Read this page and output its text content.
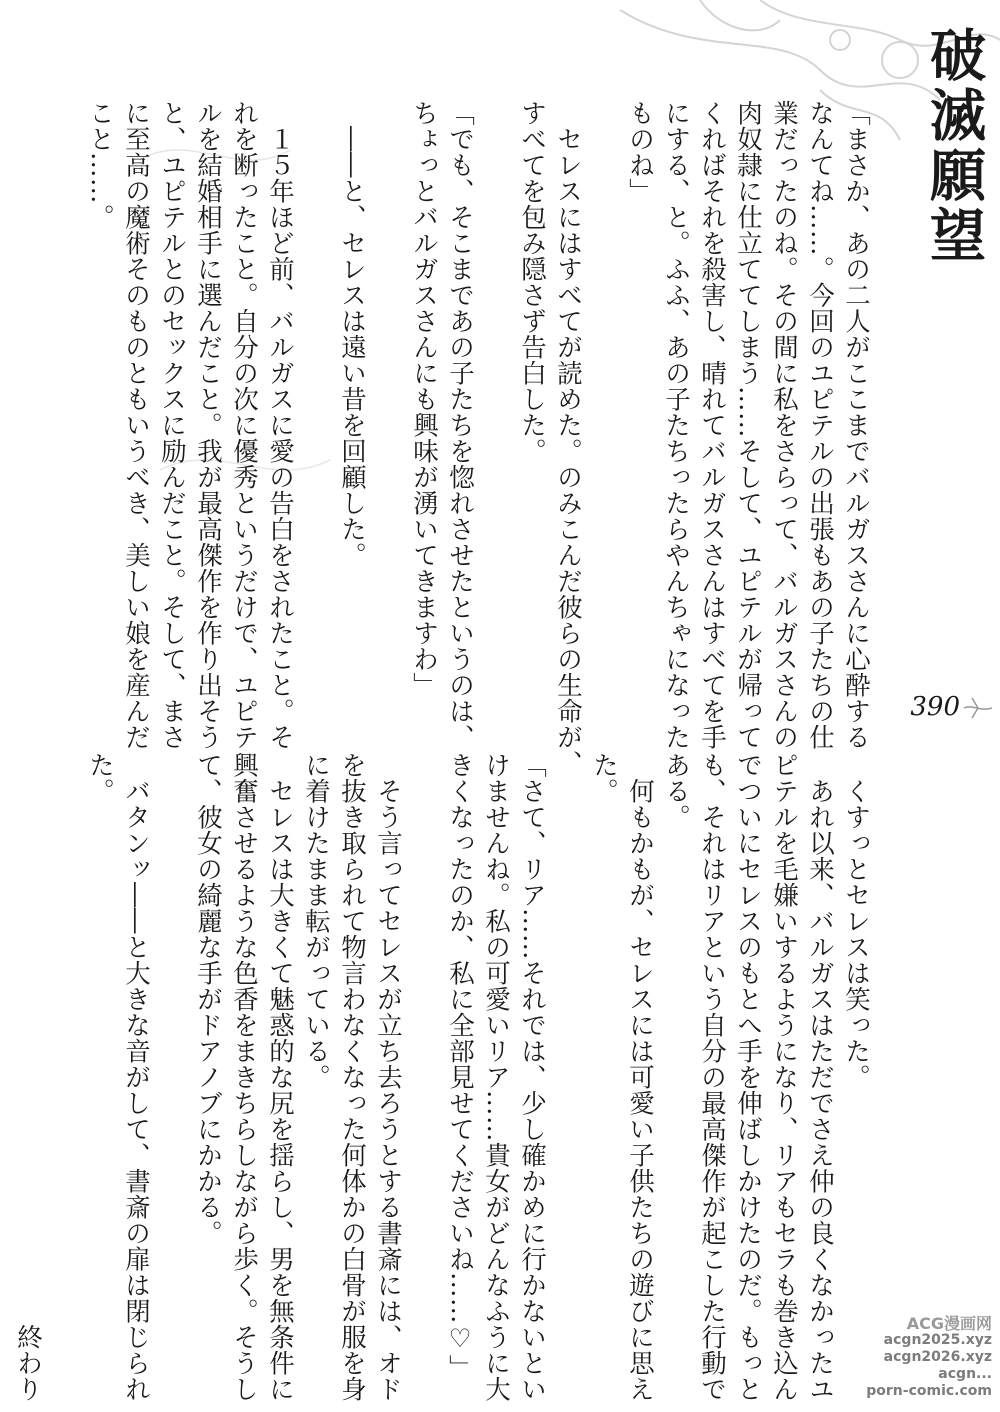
破滅願望
「まさか、あの二人がここまでバルガスさんに心酔する
なんてね……。今回のユピテルの出張もあの子たちの仕
業だったのね。その間に私をさらって、バルガスさんの
肉奴隷に仕立ててしまう……そして、ユピテルが帰って
くればそれを殺害し、晴れてバルガスさんはすべてを手
にする、と。ふふ、あの子たちったらやんちゃになった
ものね」

　セレスにはすべてが読めた。のみこんだ彼らの生命が、
すべてを包み隠さず告白した。

「でも、そこまであの子たちを惚れさせたというのは、
ちょっとバルガスさんにも興味が湧いてきますわ」

　――と、セレスは遠い昔を回顧した。

　１５年ほど前、バルガスに愛の告白をされたこと。そ
れを断ったこと。自分の次に優秀というだけで、ユピテ
ルを結婚相手に選んだこと。我が最高傑作を作り出そう
と、ユピテルとのセックスに励んだこと。そして、まさ
に至高の魔術そのものともいうべき、美しい娘を産んだ
こと……。
390
　くすっとセレスは笑った。
　あれ以来、バルガスはただでさえ仲の良くなかったユ
ピテルを毛嫌いするようになり、リアもセラも巻き込ん
でついにセレスのもとへ手を伸ばしかけたのだ。もっと
も、それはリアという自分の最高傑作が起こした行動で
ある。
　何もかもが、セレスには可愛い子供たちの遊びに思え
た。

「さて、リア……それでは、少し確かめに行かないとい
けませんね。私の可愛いリア……貴女がどんなふうに大
きくなったのか、私に全部見せてくださいね……♡」

　そう言ってセレスが立ち去ろうとする書斎には、オド
を抜き取られて物言わなくなった何体かの白骨が服を身
に着けたまま転がっている。
　セレスは大きくて魅惑的な尻を揺らし、男を無条件に
興奮させるような色香をまきちらしながら歩く。そうし
て、彼女の綺麗な手がドアノブにかかる。

　バタンッ――と大きな音がして、書斎の扉は閉じられ
た。

　　　　　　　　　　　　　　　　　　　　　　終わり
ACG漫画网
acgn2025.xyz
acgn2026.xyz
acgn...
porn-comic.com
